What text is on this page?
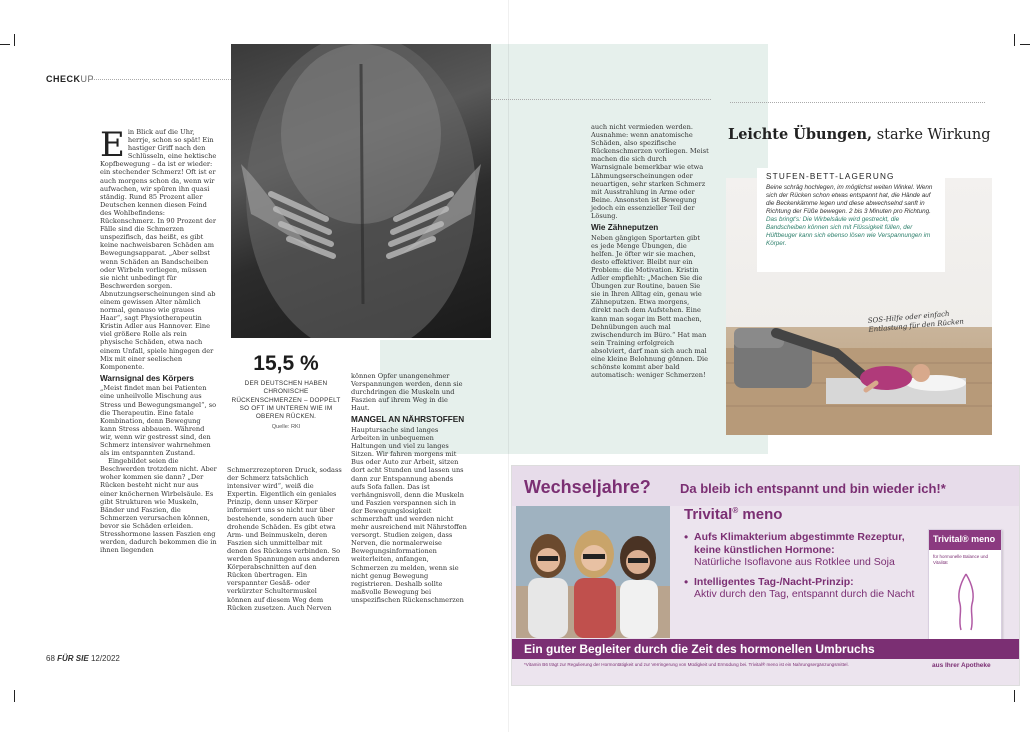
CHECKUP

Ein Blick auf die Uhr, herrje, schon so spät! Ein hastiger Griff nach den Schlüsseln, eine hektische Kopfbewegung – da ist er wieder: ein stechender Schmerz! Oft ist er auch morgens schon da, wenn wir aufwachen, wir spüren ihn quasi ständig. Rund 85 Prozent aller Deutschen kennen diesen Feind des Wohlbefindens: Rückenschmerz. In 90 Prozent der Fälle sind die Schmerzen unspezifisch, das heißt, es gibt keine nachweisbaren Schäden am Bewegungsapparat. „Aber selbst wenn Schäden an Bandscheiben oder Wirbeln vorliegen, müssen sie nicht unbedingt für Beschwerden sorgen. Abnutzungserscheinungen sind ab einem gewissen Alter nämlich normal, genauso wie graues Haar“, sagt Physiotherapeutin Kristin Adler aus Hannover. Eine viel größere Rolle als rein physische Schäden, etwa nach einem Unfall, spiele hingegen der Mix mit einer seelischen Komponente.

Warnsignal des Körpers

„Meist findet man bei Patienten eine unheilvolle Mischung aus Stress und Bewegungsmangel“, so die Therapeutin. Eine fatale Kombination, denn Bewegung kann Stress abbauen. Während wir, wenn wir gestresst sind, den Schmerz intensiver wahrnehmen als im entspannten Zustand.

Eingebildet seien die Beschwerden trotzdem nicht. Aber woher kommen sie dann? „Der Rücken besteht nicht nur aus einer knöchernen Wirbelsäule. Es gibt Strukturen wie Muskeln, Bänder und Faszien, die Schmerzen verursachen können, bevor sie Schäden erleiden. Stresshormone lassen Faszien eng werden, dadurch bekommen die in ihnen liegenden

15,5 %
DER DEUTSCHEN HABEN CHRONISCHE RÜCKENSCHMERZEN – DOPPELT SO OFT IM UNTEREN WIE IM OBEREN RÜCKEN.
Quelle: RKI

Schmerzrezeptoren Druck, sodass der Schmerz tatsächlich intensiver wird“, weiß die Expertin. Eigentlich ein geniales Prinzip, denn unser Körper informiert uns so nicht nur über bestehende, sondern auch über drohende Schäden. Es gibt etwa Arm- und Beinmuskeln, deren Faszien sich unmittelbar mit denen des Rückens verbinden. So werden Spannungen aus anderen Körperabschnitten auf den Rücken übertragen. Ein verspannter Gesäß- oder verkürzter Schultermuskel können auf diesem Weg dem Rücken zusetzen. Auch Nerven

können Opfer unangenehmer Verspannungen werden, denn sie durchdringen die Muskeln und Faszien auf ihrem Weg in die Haut.

MANGEL AN NÄHRSTOFFEN

Hauptursache sind langes Arbeiten in unbequemen Haltungen und viel zu langes Sitzen. Wir fahren morgens mit Bus oder Auto zur Arbeit, sitzen dort acht Stunden und lassen uns dann zur Entspannung abends aufs Sofa fallen. Das ist verhängnisvoll, denn die Muskeln und Faszien verspannen sich in der Bewegungslosigkeit schmerzhaft und werden nicht mehr ausreichend mit Nährstoffen versorgt. Studien zeigen, dass Nerven, die normalerweise Bewegungsinformationen weiterleiten, anfangen, Schmerzen zu melden, wenn sie nicht genug Bewegung registrieren. Deshalb sollte maßvolle Bewegung bei unspezifischen Rückenschmerzen

auch nicht vermieden werden. Ausnahme: wenn anatomische Schäden, also spezifische Rückenschmerzen vorliegen. Meist machen die sich durch Warnsignale bemerkbar wie etwa Lähmungserscheinungen oder neuartigen, sehr starken Schmerz mit Ausstrahlung in Arme oder Beine. Ansonsten ist Bewegung jedoch ein essenzieller Teil der Lösung.

Wie Zähneputzen

Neben gängigen Sportarten gibt es jede Menge Übungen, die helfen. Je öfter wir sie machen, desto effektiver. Bleibt nur ein Problem: die Motivation. Kristin Adler empfiehlt: „Machen Sie die Übungen zur Routine, bauen Sie sie in Ihren Alltag ein, genau wie Zähneputzen. Etwa morgens, direkt nach dem Aufstehen. Eine kann man sogar im Bett machen, Dehnübungen auch mal zwischendurch im Büro.“ Hat man sein Training erfolgreich absolviert, darf man sich auch mal eine kleine Belohnung gönnen. Die schönste kommt aber bald automatisch: weniger Schmerzen!

68 FÜR SIE 12/2022
Leichte Übungen, starke Wirkung
STUFEN-BETT-LAGERUNG
Beine schräg hochlegen, im möglichst weiten Winkel. Wenn sich der Rücken schon etwas entspannt hat, die Hände auf die Beckenkämme legen und diese abwechselnd sanft in Richtung der Füße bewegen. 2 bis 3 Minuten pro Richtung. Das bringt’s: Die Wirbelsäule wird gestreckt, die Bandscheiben können sich mit Flüssigkeit füllen, der Hüftbeuger kann sich ebenso lösen wie Verspannungen im Körper.
SOS-Hilfe oder einfach Entlastung für den Rücken
Wechseljahre? Da bleib ich entspannt und bin wieder ich!*
Trivital® meno
• Aufs Klimakterium abgestimmte Rezeptur, keine künstlichen Hormone:
Natürliche Isoflavone aus Rotklee und Soja
• Intelligentes Tag-/Nacht-Prinzip:
Aktiv durch den Tag, entspannt durch die Nacht
Trivital® meno
für hormonelle Balance und Vitalität
Ein guter Begleiter durch die Zeit des hormonellen Umbruchs
*Vitamin B6 trägt zur Regulierung der Hormontätigkeit und zur Verringerung von Müdigkeit und Ermüdung bei. Trivital® meno ist ein Nahrungsergänzungsmittel.	aus Ihrer Apotheke
